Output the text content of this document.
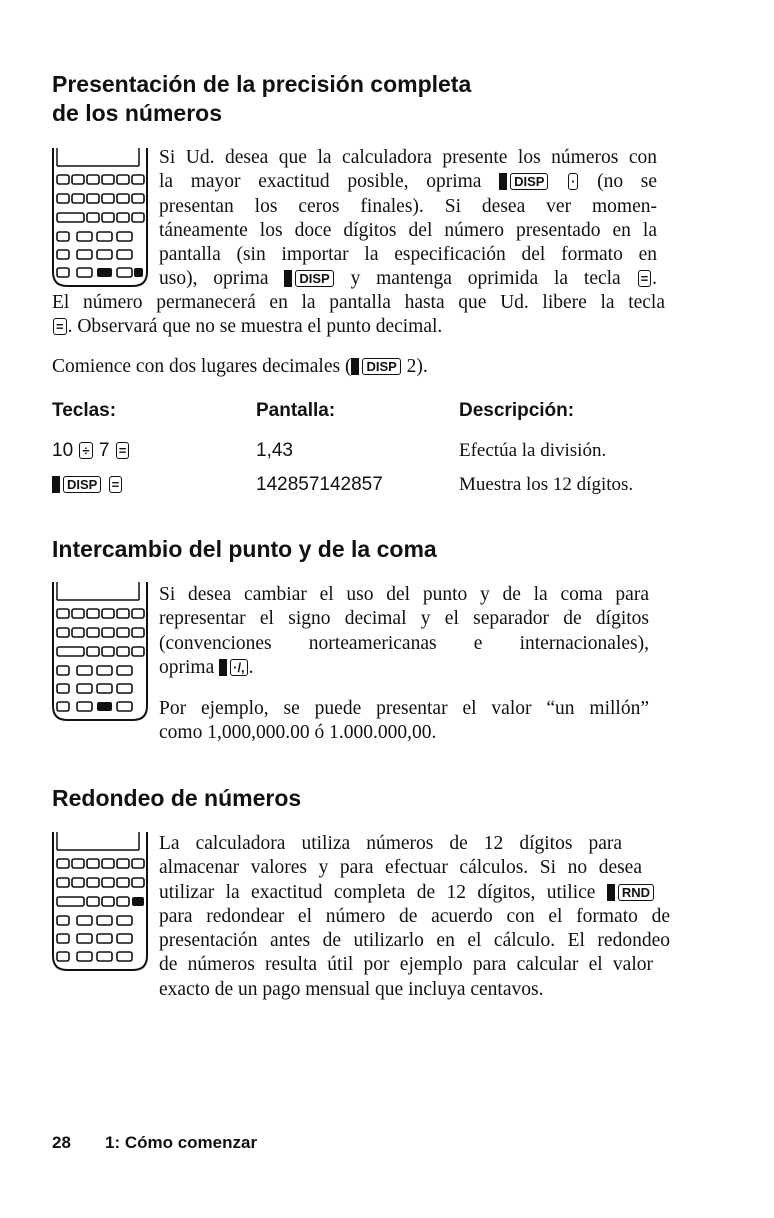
Presentación de la precisión completa
de los números
Si Ud. desea que la calculadora presente los números con
la mayor exactitud posible, oprima	DISP · (no se
presentan los ceros finales). Si desea ver momen-
táneamente los doce dígitos del número presentado en la
pantalla (sin importar la especificación del formato en
uso), oprima DISP y mantenga oprimida la tecla = .
El número permanecerá en la pantalla hasta que Ud. libere la tecla
= . Observará que no se muestra el punto decimal.
Comience con dos lugares decimales ( DISP 2).
Teclas:	Pantalla:	Descripción:
10 ÷ 7 =	1,43	Efectúa la división.
DISP =	142857142857	Muestra los 12 dígitos.
Intercambio del punto y de la coma
Si desea cambiar el uso del punto y de la coma para
representar el signo decimal y el separador de dígitos
(convenciones norteamericanas e internacionales),
oprima ·/, .
Por ejemplo, se puede presentar el valor “un millón”
como 1,000,000.00 ó 1.000.000,00.
Redondeo de números
La calculadora utiliza números de 12 dígitos para
almacenar valores y para efectuar cálculos. Si no desea
utilizar la exactitud completa de 12 dígitos, utilice RND
para redondear el número de acuerdo con el formato de
presentación antes de utilizarlo en el cálculo. El redondeo
de números resulta útil por ejemplo para calcular el valor
exacto de un pago mensual que incluya centavos.
28 1: Cómo comenzar
